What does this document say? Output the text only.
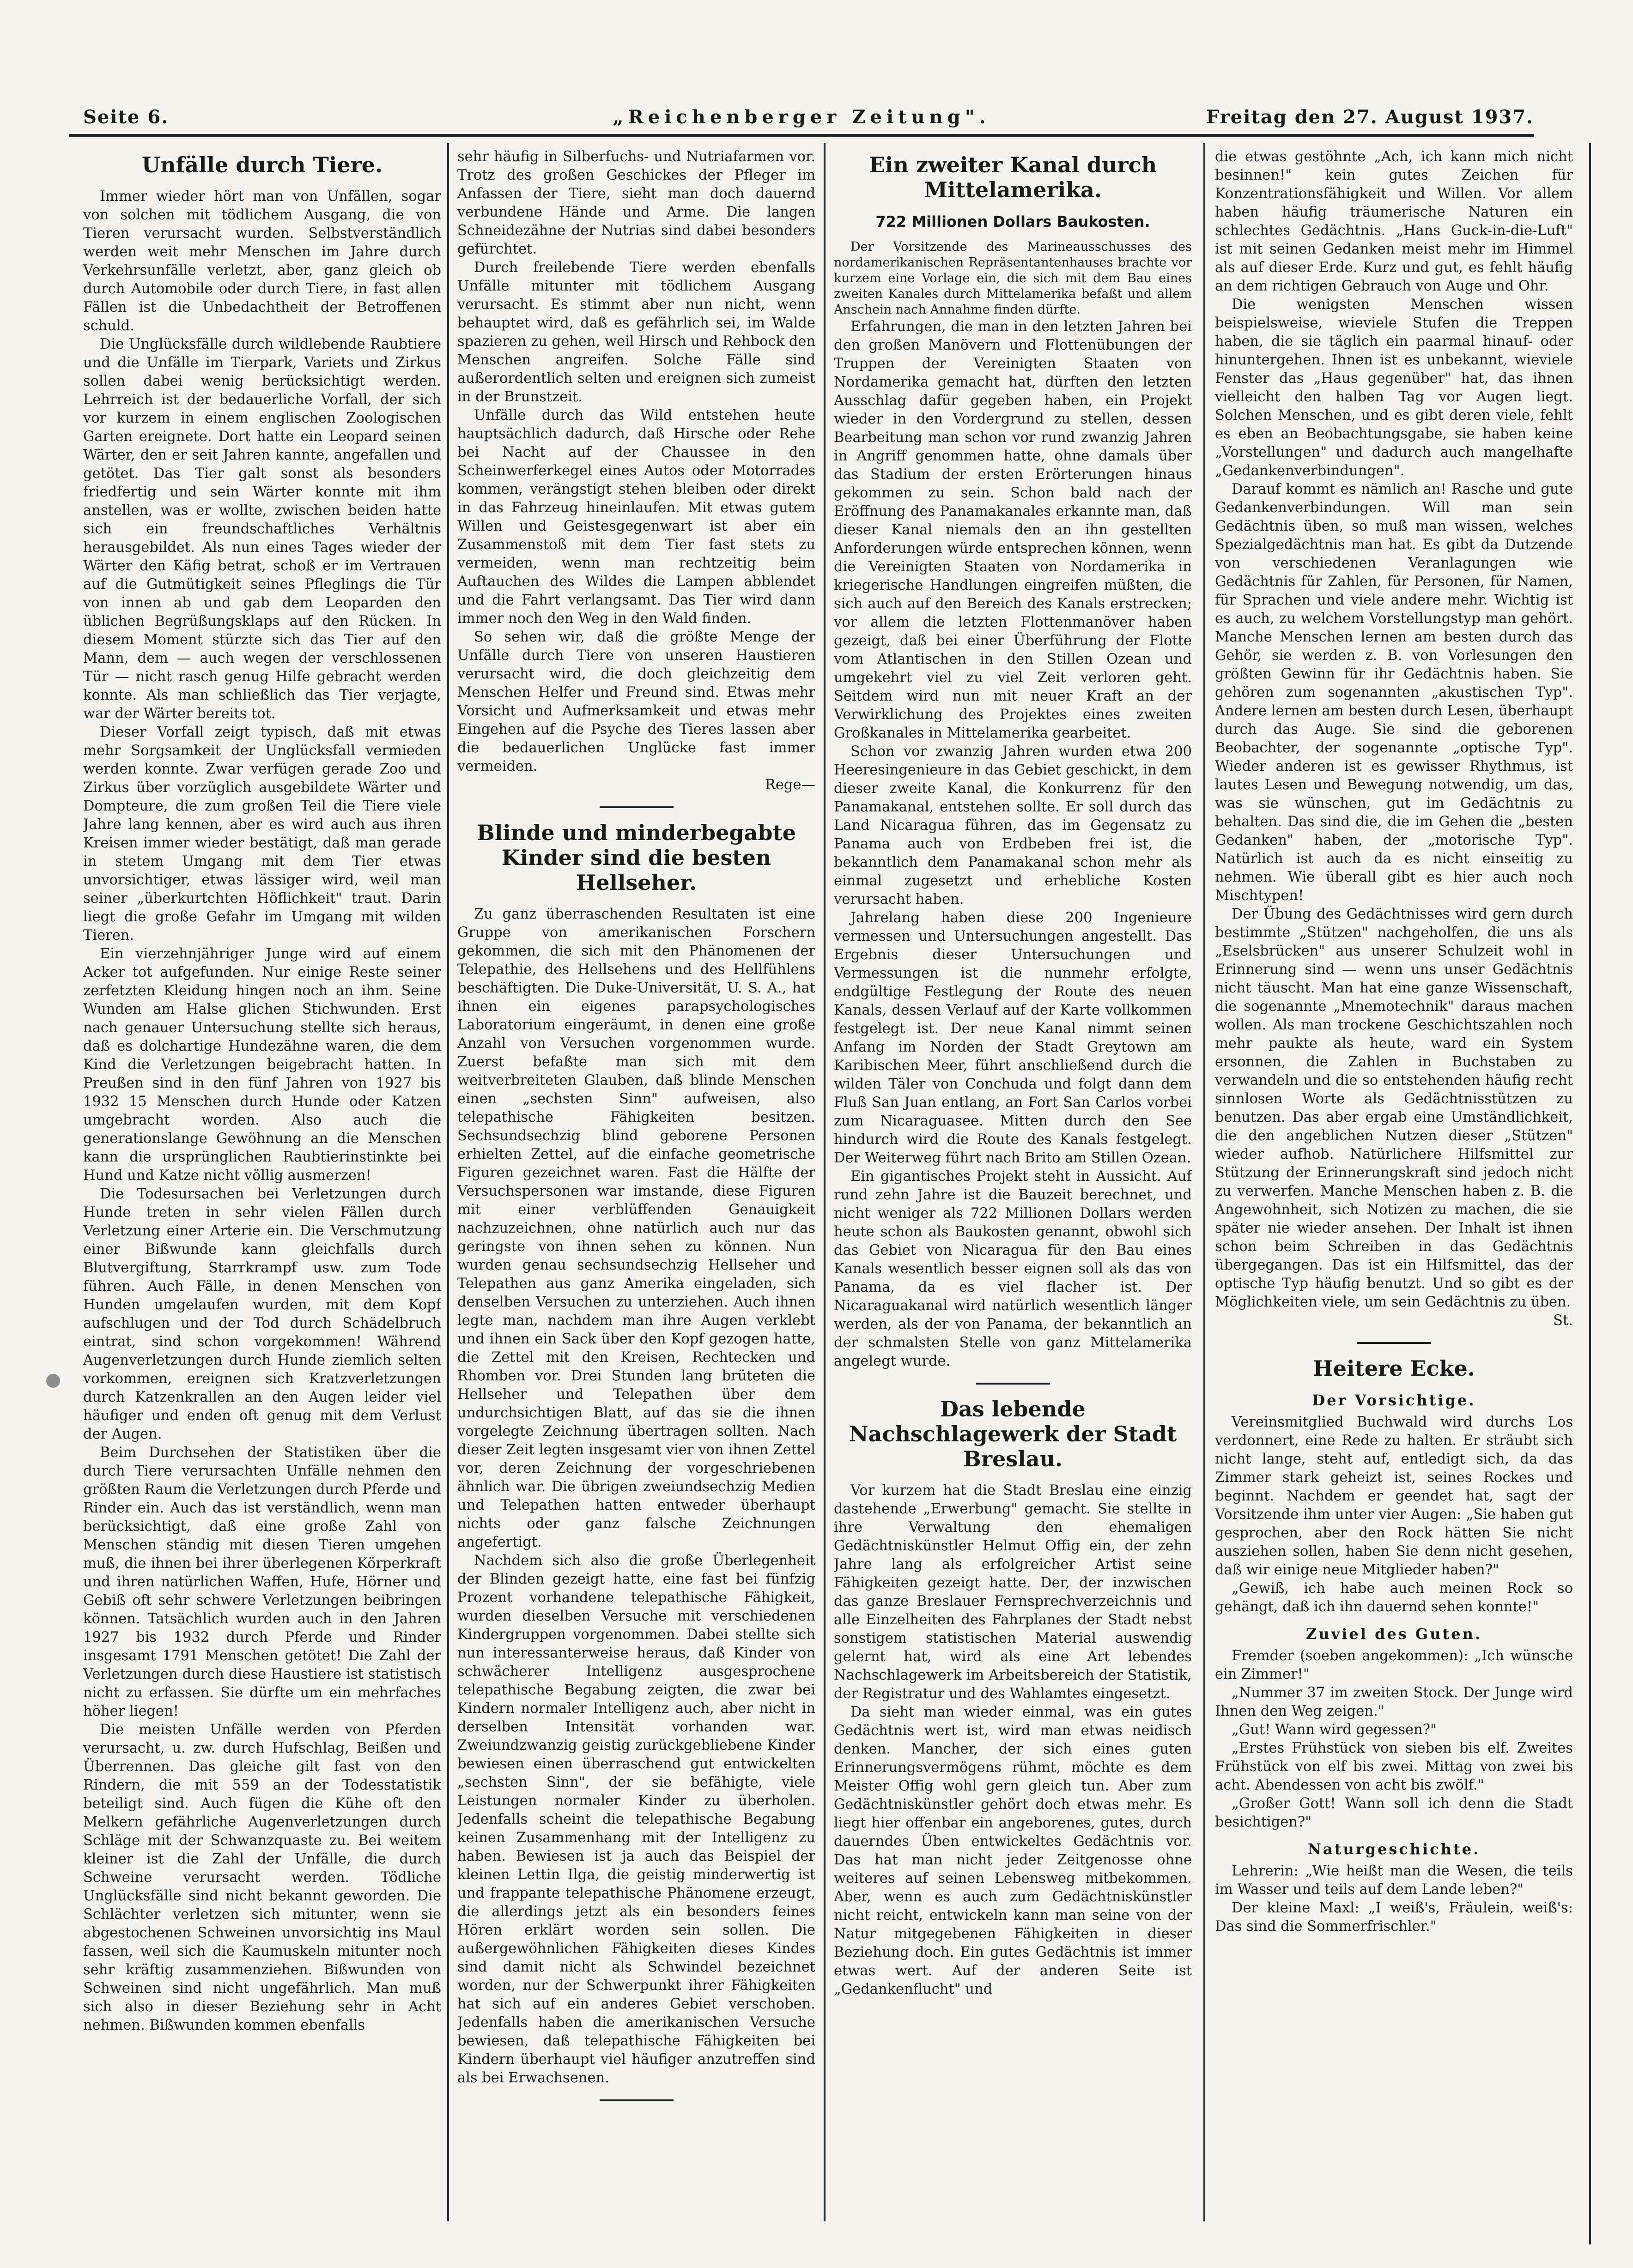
Seite 6.	„Reichenberger Zeitung".	Freitag den 27. August 1937.
Unfälle durch Tiere.

Immer wieder hört man von Unfällen, sogar von solchen mit tödlichem Ausgang, die von Tieren verursacht wurden. Selbstverständlich werden weit mehr Menschen im Jahre durch Verkehrsunfälle verletzt, aber, ganz gleich ob durch Automobile oder durch Tiere, in fast allen Fällen ist die Unbedachtheit der Betroffenen schuld.

Die Unglücksfälle durch wildlebende Raubtiere und die Unfälle im Tierpark, Variets und Zirkus sollen dabei wenig berücksichtigt werden. Lehrreich ist der bedauerliche Vorfall, der sich vor kurzem in einem englischen Zoologischen Garten ereignete. Dort hatte ein Leopard seinen Wärter, den er seit Jahren kannte, angefallen und getötet. Das Tier galt sonst als besonders friedfertig und sein Wärter konnte mit ihm anstellen, was er wollte, zwischen beiden hatte sich ein freundschaftliches Verhältnis herausgebildet. Als nun eines Tages wieder der Wärter den Käfig betrat, schoß er im Vertrauen auf die Gutmütigkeit seines Pfleglings die Tür von innen ab und gab dem Leoparden den üblichen Begrüßungsklaps auf den Rücken. In diesem Moment stürzte sich das Tier auf den Mann, dem — auch wegen der verschlossenen Tür — nicht rasch genug Hilfe gebracht werden konnte. Als man schließlich das Tier verjagte, war der Wärter bereits tot.

Dieser Vorfall zeigt typisch, daß mit etwas mehr Sorgsamkeit der Unglücksfall vermieden werden konnte. Zwar verfügen gerade Zoo und Zirkus über vorzüglich ausgebildete Wärter und Dompteure, die zum großen Teil die Tiere viele Jahre lang kennen, aber es wird auch aus ihren Kreisen immer wieder bestätigt, daß man gerade in stetem Umgang mit dem Tier etwas unvorsichtiger, etwas lässiger wird, weil man seiner „überkurtchten Höflichkeit" traut. Darin liegt die große Gefahr im Umgang mit wilden Tieren.

Ein vierzehnjähriger Junge wird auf einem Acker tot aufgefunden. Nur einige Reste seiner zerfetzten Kleidung hingen noch an ihm. Seine Wunden am Halse glichen Stichwunden. Erst nach genauer Untersuchung stellte sich heraus, daß es dolchartige Hundezähne waren, die dem Kind die Verletzungen beigebracht hatten. In Preußen sind in den fünf Jahren von 1927 bis 1932 15 Menschen durch Hunde oder Katzen umgebracht worden. Also auch die generationslange Gewöhnung an die Menschen kann die ursprünglichen Raubtierinstinkte bei Hund und Katze nicht völlig ausmerzen!

Die Todesursachen bei Verletzungen durch Hunde treten in sehr vielen Fällen durch Verletzung einer Arterie ein. Die Verschmutzung einer Bißwunde kann gleichfalls durch Blutvergiftung, Starrkrampf usw. zum Tode führen. Auch Fälle, in denen Menschen von Hunden umgelaufen wurden, mit dem Kopf aufschlugen und der Tod durch Schädelbruch eintrat, sind schon vorgekommen! Während Augenverletzungen durch Hunde ziemlich selten vorkommen, ereignen sich Kratzverletzungen durch Katzenkrallen an den Augen leider viel häufiger und enden oft genug mit dem Verlust der Augen.

Beim Durchsehen der Statistiken über die durch Tiere verursachten Unfälle nehmen den größten Raum die Verletzungen durch Pferde und Rinder ein. Auch das ist verständlich, wenn man berücksichtigt, daß eine große Zahl von Menschen ständig mit diesen Tieren umgehen muß, die ihnen bei ihrer überlegenen Körperkraft und ihren natürlichen Waffen, Hufe, Hörner und Gebiß oft sehr schwere Verletzungen beibringen können. Tatsächlich wurden auch in den Jahren 1927 bis 1932 durch Pferde und Rinder insgesamt 1791 Menschen getötet! Die Zahl der Verletzungen durch diese Haustiere ist statistisch nicht zu erfassen. Sie dürfte um ein mehrfaches höher liegen!

Die meisten Unfälle werden von Pferden verursacht, u. zw. durch Hufschlag, Beißen und Überrennen. Das gleiche gilt fast von den Rindern, die mit 559 an der Todesstatistik beteiligt sind. Auch fügen die Kühe oft den Melkern gefährliche Augenverletzungen durch Schläge mit der Schwanzquaste zu. Bei weitem kleiner ist die Zahl der Unfälle, die durch Schweine verursacht werden. Tödliche Unglücksfälle sind nicht bekannt geworden. Die Schlächter verletzen sich mitunter, wenn sie abgestochenen Schweinen unvorsichtig ins Maul fassen, weil sich die Kaumuskeln mitunter noch sehr kräftig zusammenziehen. Bißwunden von Schweinen sind nicht ungefährlich. Man muß sich also in dieser Beziehung sehr in Acht nehmen. Bißwunden kommen ebenfalls

sehr häufig in Silberfuchs- und Nutriafarmen vor. Trotz des großen Geschickes der Pfleger im Anfassen der Tiere, sieht man doch dauernd verbundene Hände und Arme. Die langen Schneidezähne der Nutrias sind dabei besonders gefürchtet.

Durch freilebende Tiere werden ebenfalls Unfälle mitunter mit tödlichem Ausgang verursacht. Es stimmt aber nun nicht, wenn behauptet wird, daß es gefährlich sei, im Walde spazieren zu gehen, weil Hirsch und Rehbock den Menschen angreifen. Solche Fälle sind außerordentlich selten und ereignen sich zumeist in der Brunstzeit.

Unfälle durch das Wild entstehen heute hauptsächlich dadurch, daß Hirsche oder Rehe bei Nacht auf der Chaussee in den Scheinwerferkegel eines Autos oder Motorrades kommen, verängstigt stehen bleiben oder direkt in das Fahrzeug hineinlaufen. Mit etwas gutem Willen und Geistesgegenwart ist aber ein Zusammenstoß mit dem Tier fast stets zu vermeiden, wenn man rechtzeitig beim Auftauchen des Wildes die Lampen abblendet und die Fahrt verlangsamt. Das Tier wird dann immer noch den Weg in den Wald finden.

So sehen wir, daß die größte Menge der Unfälle durch Tiere von unseren Haustieren verursacht wird, die doch gleichzeitig dem Menschen Helfer und Freund sind. Etwas mehr Vorsicht und Aufmerksamkeit und etwas mehr Eingehen auf die Psyche des Tieres lassen aber die bedauerlichen Unglücke fast immer vermeiden.

Rege—

Blinde und minderbegabte Kinder sind die besten Hellseher.

Zu ganz überraschenden Resultaten ist eine Gruppe von amerikanischen Forschern gekommen, die sich mit den Phänomenen der Telepathie, des Hellsehens und des Hellfühlens beschäftigten. Die Duke-Universität, U. S. A., hat ihnen ein eigenes parapsychologisches Laboratorium eingeräumt, in denen eine große Anzahl von Versuchen vorgenommen wurde. Zuerst befaßte man sich mit dem weitverbreiteten Glauben, daß blinde Menschen einen „sechsten Sinn" aufweisen, also telepathische Fähigkeiten besitzen. Sechsundsechzig blind geborene Personen erhielten Zettel, auf die einfache geometrische Figuren gezeichnet waren. Fast die Hälfte der Versuchspersonen war imstande, diese Figuren mit einer verblüffenden Genauigkeit nachzuzeichnen, ohne natürlich auch nur das geringste von ihnen sehen zu können. Nun wurden genau sechsundsechzig Hellseher und Telepathen aus ganz Amerika eingeladen, sich denselben Versuchen zu unterziehen. Auch ihnen legte man, nachdem man ihre Augen verklebt und ihnen ein Sack über den Kopf gezogen hatte, die Zettel mit den Kreisen, Rechtecken und Rhomben vor. Drei Stunden lang brüteten die Hellseher und Telepathen über dem undurchsichtigen Blatt, auf das sie die ihnen vorgelegte Zeichnung übertragen sollten. Nach dieser Zeit legten insgesamt vier von ihnen Zettel vor, deren Zeichnung der vorgeschriebenen ähnlich war. Die übrigen zweiundsechzig Medien und Telepathen hatten entweder überhaupt nichts oder ganz falsche Zeichnungen angefertigt.

Nachdem sich also die große Überlegenheit der Blinden gezeigt hatte, eine fast bei fünfzig Prozent vorhandene telepathische Fähigkeit, wurden dieselben Versuche mit verschiedenen Kindergruppen vorgenommen. Dabei stellte sich nun interessanterweise heraus, daß Kinder von schwächerer Intelligenz ausgesprochene telepathische Begabung zeigten, die zwar bei Kindern normaler Intelligenz auch, aber nicht in derselben Intensität vorhanden war. Zweiundzwanzig geistig zurückgebliebene Kinder bewiesen einen überraschend gut entwickelten „sechsten Sinn", der sie befähigte, viele Leistungen normaler Kinder zu überholen. Jedenfalls scheint die telepathische Begabung keinen Zusammenhang mit der Intelligenz zu haben. Bewiesen ist ja auch das Beispiel der kleinen Lettin Ilga, die geistig minderwertig ist und frappante telepathische Phänomene erzeugt, die allerdings jetzt als ein besonders feines Hören erklärt worden sein sollen. Die außergewöhnlichen Fähigkeiten dieses Kindes sind damit nicht als Schwindel bezeichnet worden, nur der Schwerpunkt ihrer Fähigkeiten hat sich auf ein anderes Gebiet verschoben. Jedenfalls haben die amerikanischen Versuche bewiesen, daß telepathische Fähigkeiten bei Kindern überhaupt viel häufiger anzutreffen sind als bei Erwachsenen.

Ein zweiter Kanal durch Mittelamerika.
722 Millionen Dollars Baukosten.

Der Vorsitzende des Marineausschusses des nordamerikanischen Repräsentantenhauses brachte vor kurzem eine Vorlage ein, die sich mit dem Bau eines zweiten Kanales durch Mittelamerika befaßt und allem Anschein nach Annahme finden dürfte.

Erfahrungen, die man in den letzten Jahren bei den großen Manövern und Flottenübungen der Truppen der Vereinigten Staaten von Nordamerika gemacht hat, dürften den letzten Ausschlag dafür gegeben haben, ein Projekt wieder in den Vordergrund zu stellen, dessen Bearbeitung man schon vor rund zwanzig Jahren in Angriff genommen hatte, ohne damals über das Stadium der ersten Erörterungen hinaus gekommen zu sein. Schon bald nach der Eröffnung des Panamakanales erkannte man, daß dieser Kanal niemals den an ihn gestellten Anforderungen würde entsprechen können, wenn die Vereinigten Staaten von Nordamerika in kriegerische Handlungen eingreifen müßten, die sich auch auf den Bereich des Kanals erstrecken; vor allem die letzten Flottenmanöver haben gezeigt, daß bei einer Überführung der Flotte vom Atlantischen in den Stillen Ozean und umgekehrt viel zu viel Zeit verloren geht. Seitdem wird nun mit neuer Kraft an der Verwirklichung des Projektes eines zweiten Großkanales in Mittelamerika gearbeitet.

Schon vor zwanzig Jahren wurden etwa 200 Heeresingenieure in das Gebiet geschickt, in dem dieser zweite Kanal, die Konkurrenz für den Panamakanal, entstehen sollte. Er soll durch das Land Nicaragua führen, das im Gegensatz zu Panama auch von Erdbeben frei ist, die bekanntlich dem Panamakanal schon mehr als einmal zugesetzt und erhebliche Kosten verursacht haben.

Jahrelang haben diese 200 Ingenieure vermessen und Untersuchungen angestellt. Das Ergebnis dieser Untersuchungen und Vermessungen ist die nunmehr erfolgte, endgültige Festlegung der Route des neuen Kanals, dessen Verlauf auf der Karte vollkommen festgelegt ist. Der neue Kanal nimmt seinen Anfang im Norden der Stadt Greytown am Karibischen Meer, führt anschließend durch die wilden Täler von Conchuda und folgt dann dem Fluß San Juan entlang, an Fort San Carlos vorbei zum Nicaraguasee. Mitten durch den See hindurch wird die Route des Kanals festgelegt. Der Weiterweg führt nach Brito am Stillen Ozean.

Ein gigantisches Projekt steht in Aussicht. Auf rund zehn Jahre ist die Bauzeit berechnet, und nicht weniger als 722 Millionen Dollars werden heute schon als Baukosten genannt, obwohl sich das Gebiet von Nicaragua für den Bau eines Kanals wesentlich besser eignen soll als das von Panama, da es viel flacher ist. Der Nicaraguakanal wird natürlich wesentlich länger werden, als der von Panama, der bekanntlich an der schmalsten Stelle von ganz Mittelamerika angelegt wurde.

Das lebende Nachschlagewerk der Stadt Breslau.

Vor kurzem hat die Stadt Breslau eine einzig dastehende „Erwerbung" gemacht. Sie stellte in ihre Verwaltung den ehemaligen Gedächtniskünstler Helmut Offig ein, der zehn Jahre lang als erfolgreicher Artist seine Fähigkeiten gezeigt hatte. Der, der inzwischen das ganze Breslauer Fernsprechverzeichnis und alle Einzelheiten des Fahrplanes der Stadt nebst sonstigem statistischen Material auswendig gelernt hat, wird als eine Art lebendes Nachschlagewerk im Arbeitsbereich der Statistik, der Registratur und des Wahlamtes eingesetzt.

Da sieht man wieder einmal, was ein gutes Gedächtnis wert ist, wird man etwas neidisch denken. Mancher, der sich eines guten Erinnerungsvermögens rühmt, möchte es dem Meister Offig wohl gern gleich tun. Aber zum Gedächtniskünstler gehört doch etwas mehr. Es liegt hier offenbar ein angeborenes, gutes, durch dauerndes Üben entwickeltes Gedächtnis vor. Das hat man nicht jeder Zeitgenosse ohne weiteres auf seinen Lebensweg mitbekommen. Aber, wenn es auch zum Gedächtniskünstler nicht reicht, entwickeln kann man seine von der Natur mitgegebenen Fähigkeiten in dieser Beziehung doch. Ein gutes Gedächtnis ist immer etwas wert. Auf der anderen Seite ist „Gedankenflucht" und

die etwas gestöhnte „Ach, ich kann mich nicht besinnen!" kein gutes Zeichen für Konzentrationsfähigkeit und Willen. Vor allem haben häufig träumerische Naturen ein schlechtes Gedächtnis. „Hans Guck-in-die-Luft" ist mit seinen Gedanken meist mehr im Himmel als auf dieser Erde. Kurz und gut, es fehlt häufig an dem richtigen Gebrauch von Auge und Ohr.

Die wenigsten Menschen wissen beispielsweise, wieviele Stufen die Treppen haben, die sie täglich ein paarmal hinauf- oder hinuntergehen. Ihnen ist es unbekannt, wieviele Fenster das „Haus gegenüber" hat, das ihnen vielleicht den halben Tag vor Augen liegt. Solchen Menschen, und es gibt deren viele, fehlt es eben an Beobachtungsgabe, sie haben keine „Vorstellungen" und dadurch auch mangelhafte „Gedankenverbindungen".

Darauf kommt es nämlich an! Rasche und gute Gedankenverbindungen. Will man sein Gedächtnis üben, so muß man wissen, welches Spezialgedächtnis man hat. Es gibt da Dutzende von verschiedenen Veranlagungen wie Gedächtnis für Zahlen, für Personen, für Namen, für Sprachen und viele andere mehr. Wichtig ist es auch, zu welchem Vorstellungstyp man gehört. Manche Menschen lernen am besten durch das Gehör, sie werden z. B. von Vorlesungen den größten Gewinn für ihr Gedächtnis haben. Sie gehören zum sogenannten „akustischen Typ". Andere lernen am besten durch Lesen, überhaupt durch das Auge. Sie sind die geborenen Beobachter, der sogenannte „optische Typ". Wieder anderen ist es gewisser Rhythmus, ist lautes Lesen und Bewegung notwendig, um das, was sie wünschen, gut im Gedächtnis zu behalten. Das sind die, die im Gehen die „besten Gedanken" haben, der „motorische Typ". Natürlich ist auch da es nicht einseitig zu nehmen. Wie überall gibt es hier auch noch Mischtypen!

Der Übung des Gedächtnisses wird gern durch bestimmte „Stützen" nachgeholfen, die uns als „Eselsbrücken" aus unserer Schulzeit wohl in Erinnerung sind — wenn uns unser Gedächtnis nicht täuscht. Man hat eine ganze Wissenschaft, die sogenannte „Mnemotechnik" daraus machen wollen. Als man trockene Geschichtszahlen noch mehr paukte als heute, ward ein System ersonnen, die Zahlen in Buchstaben zu verwandeln und die so entstehenden häufig recht sinnlosen Worte als Gedächtnisstützen zu benutzen. Das aber ergab eine Umständlichkeit, die den angeblichen Nutzen dieser „Stützen" wieder aufhob. Natürlichere Hilfsmittel zur Stützung der Erinnerungskraft sind jedoch nicht zu verwerfen. Manche Menschen haben z. B. die Angewohnheit, sich Notizen zu machen, die sie später nie wieder ansehen. Der Inhalt ist ihnen schon beim Schreiben in das Gedächtnis übergegangen. Das ist ein Hilfsmittel, das der optische Typ häufig benutzt. Und so gibt es der Möglichkeiten viele, um sein Gedächtnis zu üben.

St.

Heitere Ecke.
Der Vorsichtige.

Vereinsmitglied Buchwald wird durchs Los verdonnert, eine Rede zu halten. Er sträubt sich nicht lange, steht auf, entledigt sich, da das Zimmer stark geheizt ist, seines Rockes und beginnt. Nachdem er geendet hat, sagt der Vorsitzende ihm unter vier Augen: „Sie haben gut gesprochen, aber den Rock hätten Sie nicht ausziehen sollen, haben Sie denn nicht gesehen, daß wir einige neue Mitglieder haben?"

„Gewiß, ich habe auch meinen Rock so gehängt, daß ich ihn dauernd sehen konnte!"

Zuviel des Guten.

Fremder (soeben angekommen): „Ich wünsche ein Zimmer!"

„Nummer 37 im zweiten Stock. Der Junge wird Ihnen den Weg zeigen."

„Gut! Wann wird gegessen?"

„Erstes Frühstück von sieben bis elf. Zweites Frühstück von elf bis zwei. Mittag von zwei bis acht. Abendessen von acht bis zwölf."

„Großer Gott! Wann soll ich denn die Stadt besichtigen?"

Naturgeschichte.

Lehrerin: „Wie heißt man die Wesen, die teils im Wasser und teils auf dem Lande leben?"

Der kleine Maxl: „I weiß's, Fräulein, weiß's: Das sind die Sommerfrischler."
